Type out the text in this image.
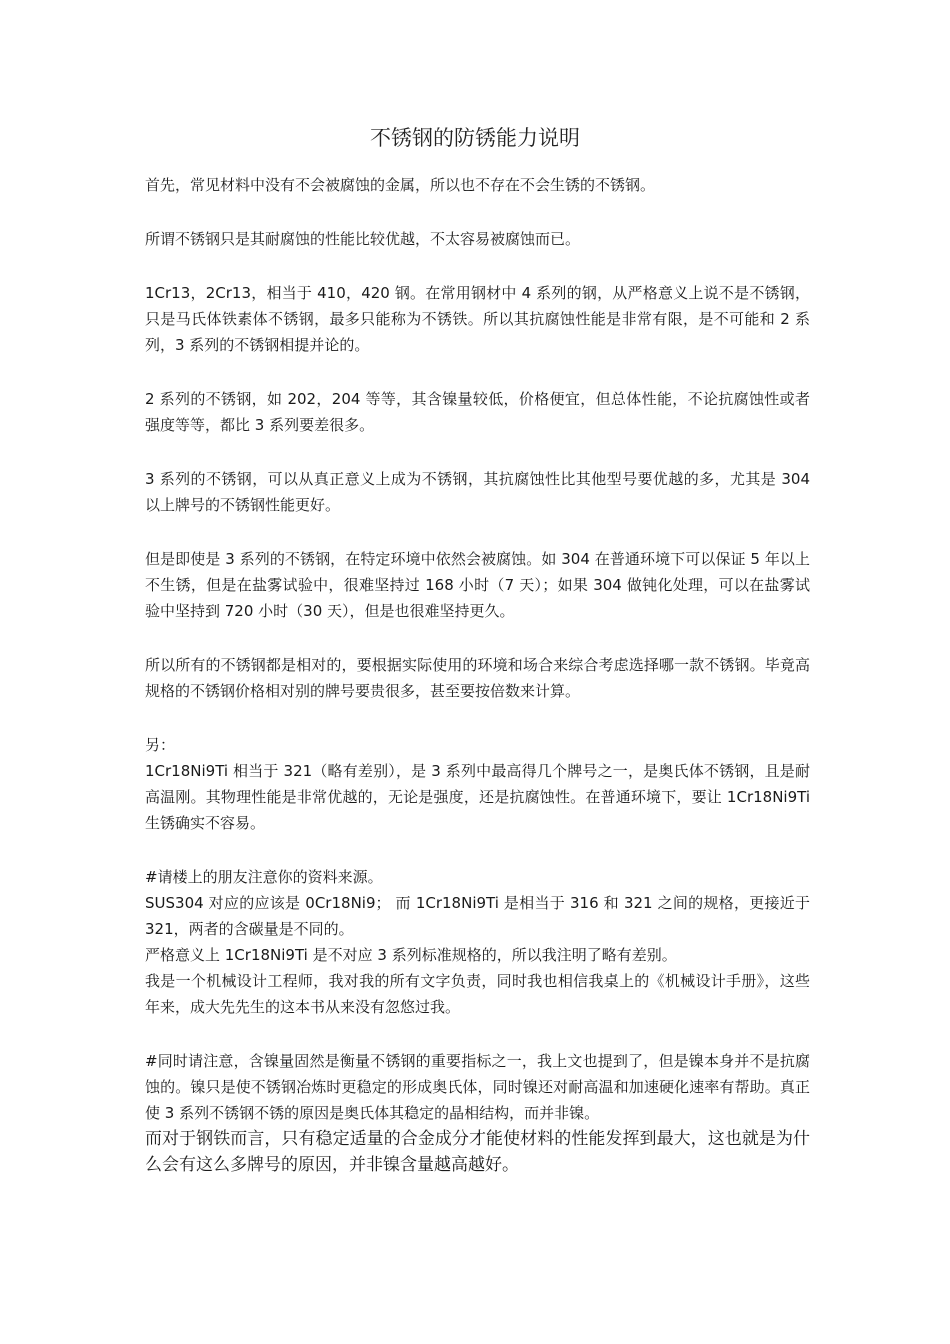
不锈钢的防锈能力说明

首先，常见材料中没有不会被腐蚀的金属，所以也不存在不会生锈的不锈钢。

所谓不锈钢只是其耐腐蚀的性能比较优越，不太容易被腐蚀而已。

1Cr13，2Cr13，相当于 410，420 钢。在常用钢材中 4 系列的钢，从严格意义上说不是不锈钢，只是马氏体铁素体不锈钢，最多只能称为不锈铁。所以其抗腐蚀性能是非常有限，是不可能和 2 系列，3 系列的不锈钢相提并论的。

2 系列的不锈钢，如 202，204 等等，其含镍量较低，价格便宜，但总体性能，不论抗腐蚀性或者强度等等，都比 3 系列要差很多。

3 系列的不锈钢，可以从真正意义上成为不锈钢，其抗腐蚀性比其他型号要优越的多，尤其是 304 以上牌号的不锈钢性能更好。

但是即使是 3 系列的不锈钢，在特定环境中依然会被腐蚀。如 304 在普通环境下可以保证 5 年以上不生锈，但是在盐雾试验中，很难坚持过 168 小时（7 天）；如果 304 做钝化处理，可以在盐雾试验中坚持到 720 小时（30 天），但是也很难坚持更久。

所以所有的不锈钢都是相对的，要根据实际使用的环境和场合来综合考虑选择哪一款不锈钢。毕竟高规格的不锈钢价格相对别的牌号要贵很多，甚至要按倍数来计算。

另：

1Cr18Ni9Ti 相当于 321（略有差别），是 3 系列中最高得几个牌号之一，是奥氏体不锈钢，且是耐高温刚。其物理性能是非常优越的，无论是强度，还是抗腐蚀性。在普通环境下，要让 1Cr18Ni9Ti 生锈确实不容易。

#请楼上的朋友注意你的资料来源。

SUS304 对应的应该是 0Cr18Ni9； 而 1Cr18Ni9Ti 是相当于 316 和 321 之间的规格，更接近于 321，两者的含碳量是不同的。

严格意义上 1Cr18Ni9Ti 是不对应 3 系列标准规格的，所以我注明了略有差别。

我是一个机械设计工程师，我对我的所有文字负责，同时我也相信我桌上的《机械设计手册》，这些年来，成大先先生的这本书从来没有忽悠过我。

#同时请注意，含镍量固然是衡量不锈钢的重要指标之一，我上文也提到了，但是镍本身并不是抗腐蚀的。镍只是使不锈钢冶炼时更稳定的形成奥氏体，同时镍还对耐高温和加速硬化速率有帮助。真正使 3 系列不锈钢不锈的原因是奥氏体其稳定的晶相结构，而并非镍。

而对于钢铁而言，只有稳定适量的合金成分才能使材料的性能发挥到最大，这也就是为什么会有这么多牌号的原因，并非镍含量越高越好。
